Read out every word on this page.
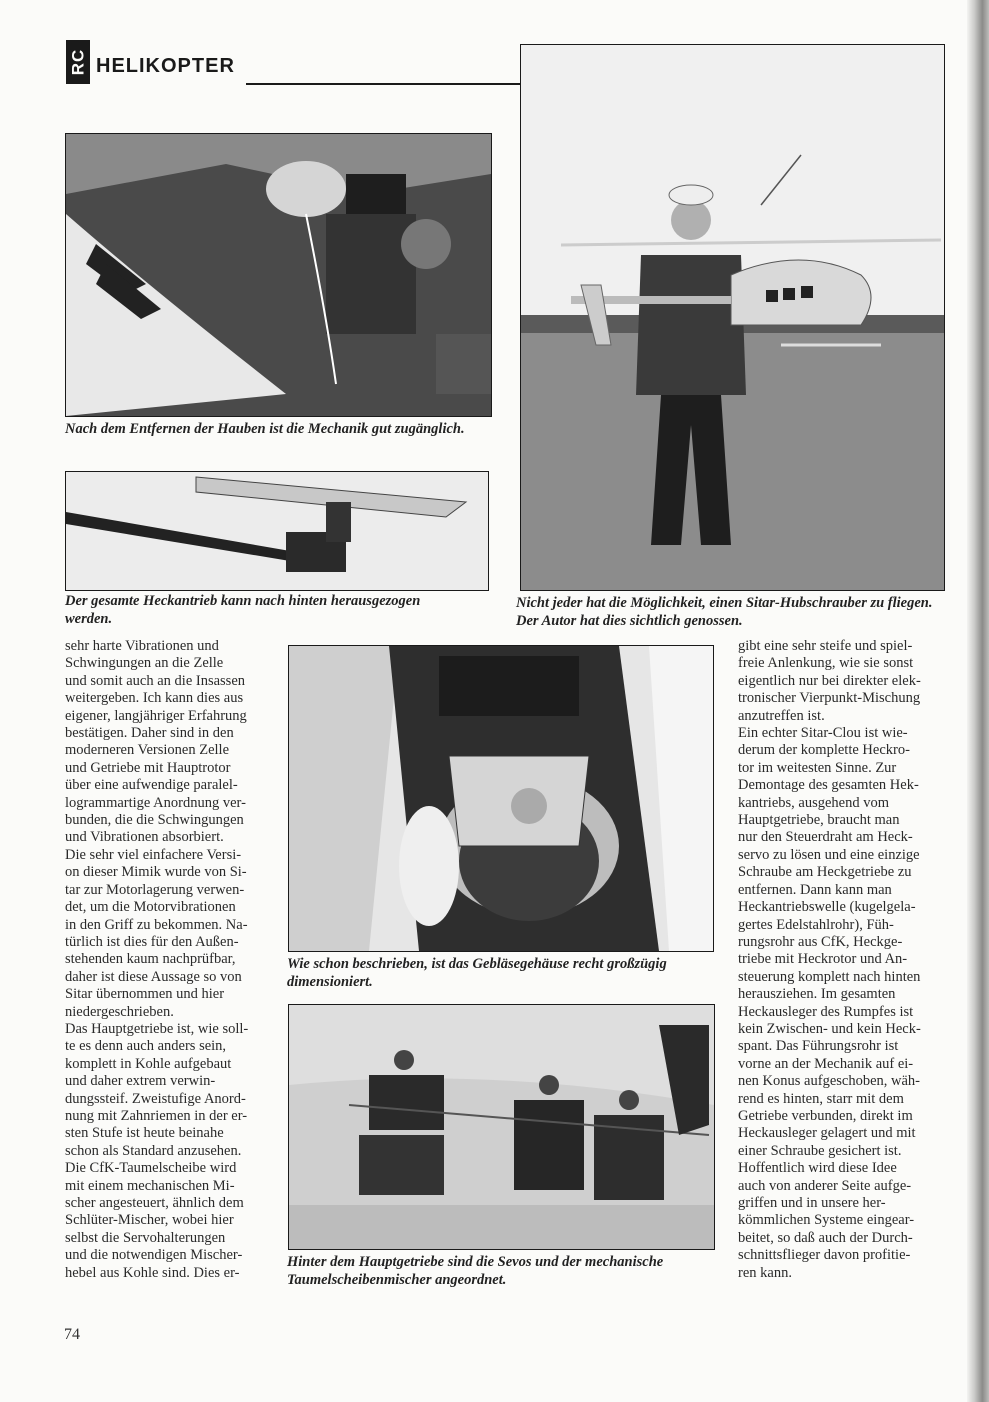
RC HELIKOPTER
Nach dem Entfernen der Hauben ist die Mechanik gut zugänglich.
Der gesamte Heckantrieb kann nach hinten herausgezogen werden.
Nicht jeder hat die Möglichkeit, einen Sitar-Hubschrauber zu fliegen. Der Autor hat dies sichtlich genossen.
sehr harte Vibrationen und
Schwingungen an die Zelle
und somit auch an die Insassen
weitergeben. Ich kann dies aus
eigener, langjähriger Erfahrung
bestätigen. Daher sind in den
moderneren Versionen Zelle
und Getriebe mit Hauptrotor
über eine aufwendige paralel-
logrammartige Anordnung ver-
bunden, die die Schwingungen
und Vibrationen absorbiert.
Die sehr viel einfachere Versi-
on dieser Mimik wurde von Si-
tar zur Motorlagerung verwen-
det, um die Motorvibrationen
in den Griff zu bekommen. Na-
türlich ist dies für den Außen-
stehenden kaum nachprüfbar,
daher ist diese Aussage so von
Sitar übernommen und hier
niedergeschrieben.
Das Hauptgetriebe ist, wie soll-
te es denn auch anders sein,
komplett in Kohle aufgebaut
und daher extrem verwin-
dungssteif. Zweistufige Anord-
nung mit Zahnriemen in der er-
sten Stufe ist heute beinahe
schon als Standard anzusehen.
Die CfK-Taumelscheibe wird
mit einem mechanischen Mi-
scher angesteuert, ähnlich dem
Schlüter-Mischer, wobei hier
selbst die Servohalterungen
und die notwendigen Mischer-
hebel aus Kohle sind. Dies er-
Wie schon beschrieben, ist das Gebläsegehäuse recht großzügig dimensioniert.
Hinter dem Hauptgetriebe sind die Sevos und der mechanische Taumelscheibenmischer angeordnet.
gibt eine sehr steife und spiel-
freie Anlenkung, wie sie sonst
eigentlich nur bei direkter elek-
tronischer Vierpunkt-Mischung
anzutreffen ist.
Ein echter Sitar-Clou ist wie-
derum der komplette Heckro-
tor im weitesten Sinne. Zur
Demontage des gesamten Hek-
kantriebs, ausgehend vom
Hauptgetriebe, braucht man
nur den Steuerdraht am Heck-
servo zu lösen und eine einzige
Schraube am Heckgetriebe zu
entfernen. Dann kann man
Heckantriebswelle (kugelgela-
gertes Edelstahlrohr), Füh-
rungsrohr aus CfK, Heckge-
triebe mit Heckrotor und An-
steuerung komplett nach hinten
herausziehen. Im gesamten
Heckausleger des Rumpfes ist
kein Zwischen- und kein Heck-
spant. Das Führungsrohr ist
vorne an der Mechanik auf ei-
nen Konus aufgeschoben, wäh-
rend es hinten, starr mit dem
Getriebe verbunden, direkt im
Heckausleger gelagert und mit
einer Schraube gesichert ist.
Hoffentlich wird diese Idee
auch von anderer Seite aufge-
griffen und in unsere her-
kömmlichen Systeme eingear-
beitet, so daß auch der Durch-
schnittsflieger davon profitie-
ren kann.
74
